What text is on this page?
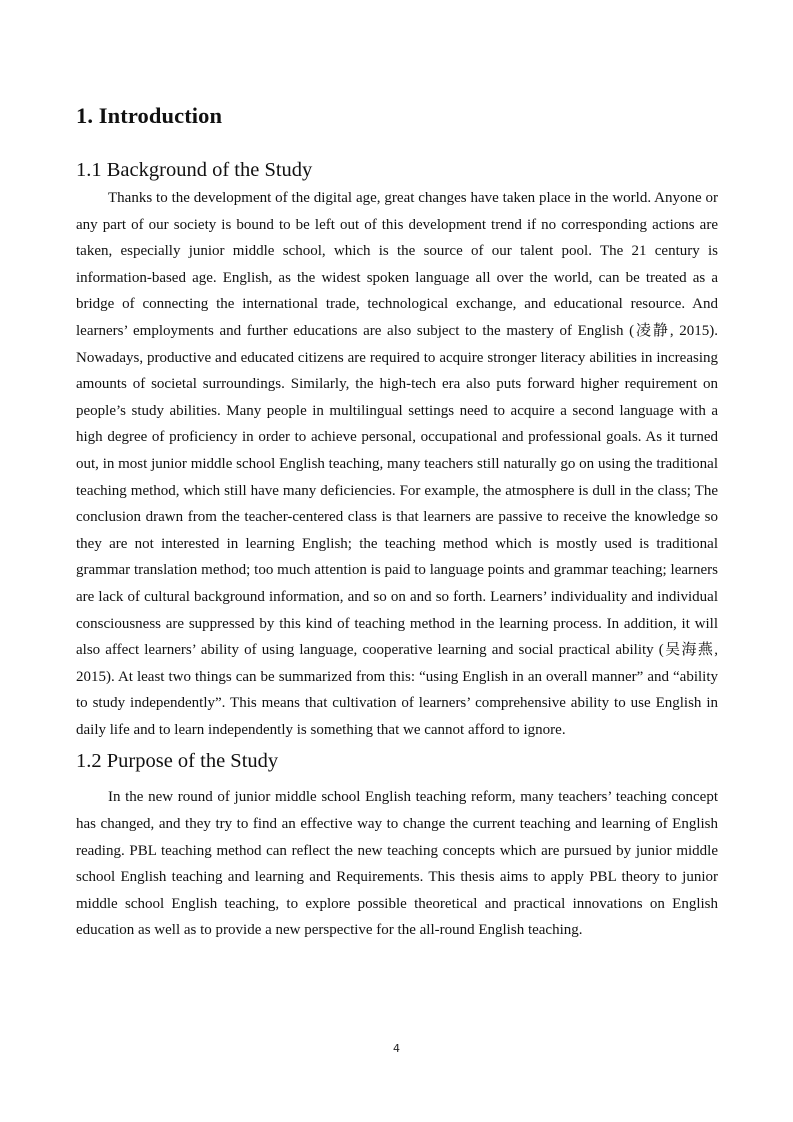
1. Introduction
1.1 Background of the Study

Thanks to the development of the digital age, great changes have taken place in the world. Anyone or any part of our society is bound to be left out of this development trend if no corresponding actions are taken, especially junior middle school, which is the source of our talent pool. The 21 century is information-based age. English, as the widest spoken language all over the world, can be treated as a bridge of connecting the international trade, technological exchange, and educational resource. And learners’ employments and further educations are also subject to the mastery of English (凌静, 2015). Nowadays, productive and educated citizens are required to acquire stronger literacy abilities in increasing amounts of societal surroundings. Similarly, the high-tech era also puts forward higher requirement on people’s study abilities. Many people in multilingual settings need to acquire a second language with a high degree of proficiency in order to achieve personal, occupational and professional goals. As it turned out, in most junior middle school English teaching, many teachers still naturally go on using the traditional teaching method, which still have many deficiencies. For example, the atmosphere is dull in the class; The conclusion drawn from the teacher-centered class is that learners are passive to receive the knowledge so they are not interested in learning English; the teaching method which is mostly used is traditional grammar translation method; too much attention is paid to language points and grammar teaching; learners are lack of cultural background information, and so on and so forth. Learners’ individuality and individual consciousness are suppressed by this kind of teaching method in the learning process. In addition, it will also affect learners’ ability of using language, cooperative learning and social practical ability (吴海燕, 2015). At least two things can be summarized from this: “using English in an overall manner” and “ability to study independently”. This means that cultivation of learners’ comprehensive ability to use English in daily life and to learn independently is something that we cannot afford to ignore.

1.2 Purpose of the Study

In the new round of junior middle school English teaching reform, many teachers’ teaching concept has changed, and they try to find an effective way to change the current teaching and learning of English reading. PBL teaching method can reflect the new teaching concepts which are pursued by junior middle school English teaching and learning and Requirements. This thesis aims to apply PBL theory to junior middle school English teaching, to explore possible theoretical and practical innovations on English education as well as to provide a new perspective for the all-round English teaching.

4
